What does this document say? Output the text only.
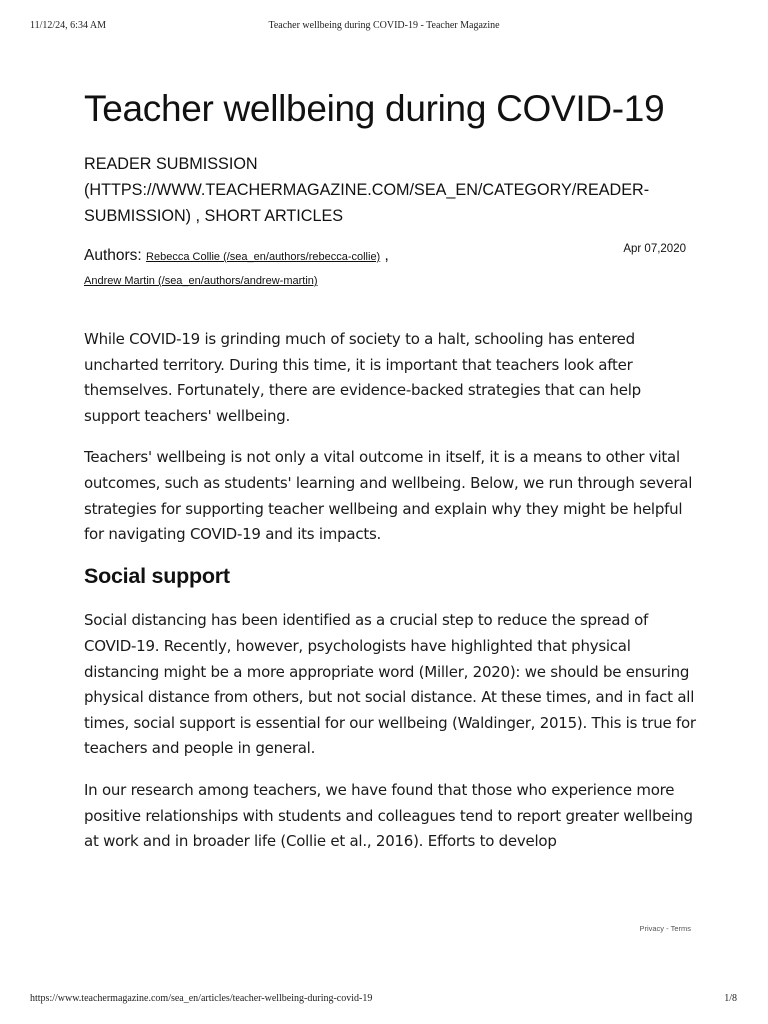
11/12/24, 6:34 AM	Teacher wellbeing during COVID-19 - Teacher Magazine
Teacher wellbeing during COVID-19
READER SUBMISSION
(HTTPS://WWW.TEACHERMAGAZINE.COM/SEA_EN/CATEGORY/READER-
SUBMISSION) , SHORT ARTICLES
Authors: Rebecca Collie (/sea_en/authors/rebecca-collie) ,	Apr 07,2020
Andrew Martin (/sea_en/authors/andrew-martin)

While COVID-19 is grinding much of society to a halt, schooling has entered uncharted territory. During this time, it is important that teachers look after themselves. Fortunately, there are evidence-backed strategies that can help support teachers' wellbeing.

Teachers' wellbeing is not only a vital outcome in itself, it is a means to other vital outcomes, such as students' learning and wellbeing. Below, we run through several strategies for supporting teacher wellbeing and explain why they might be helpful for navigating COVID-19 and its impacts.

Social support

Social distancing has been identified as a crucial step to reduce the spread of COVID-19. Recently, however, psychologists have highlighted that physical distancing might be a more appropriate word (Miller, 2020): we should be ensuring physical distance from others, but not social distance. At these times, and in fact all times, social support is essential for our wellbeing (Waldinger, 2015). This is true for teachers and people in general.

In our research among teachers, we have found that those who experience more positive relationships with students and colleagues tend to report greater wellbeing at work and in broader life (Collie et al., 2016). Efforts to develop

Privacy - Terms
https://www.teachermagazine.com/sea_en/articles/teacher-wellbeing-during-covid-19	1/8
